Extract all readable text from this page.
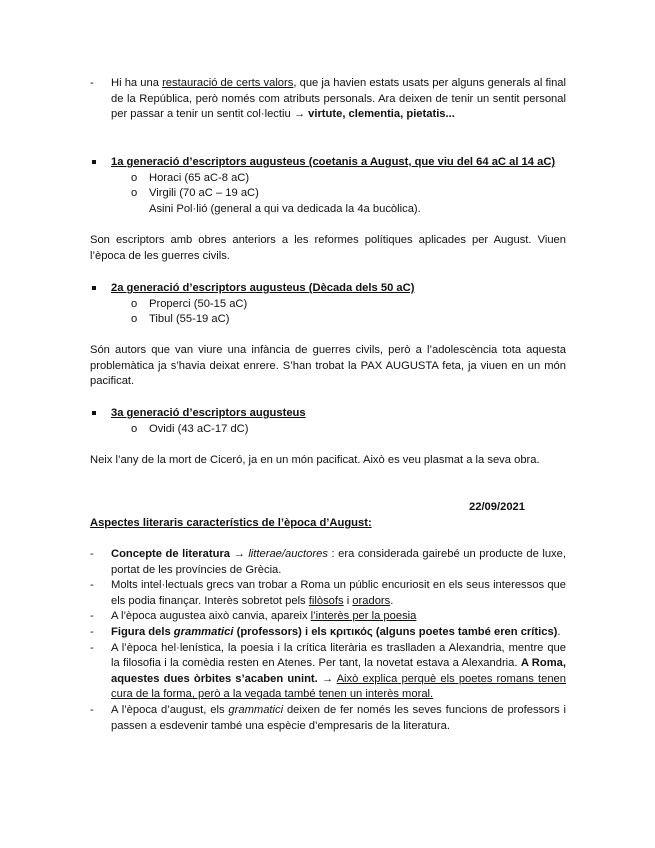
- Hi ha una restauració de certs valors, que ja havien estats usats per alguns generals al final de la República, però només com atributs personals. Ara deixen de tenir un sentit personal per passar a tenir un sentit col·lectiu → virtute, clementia, pietatis...
1a generació d’escriptors augusteus (coetanis a August, que viu del 64 aC al 14 aC)
o Horaci (65 aC-8 aC)
o Virgili (70 aC – 19 aC)
Asini Pol·lió (general a qui va dedicada la 4a bucòlica).
Son escriptors amb obres anteriors a les reformes polítiques aplicades per August. Viuen l’època de les guerres civils.
2a generació d’escriptors augusteus (Dècada dels 50 aC)
o Properci (50-15 aC)
o Tibul (55-19 aC)
Són autors que van viure una infància de guerres civils, però a l’adolescència tota aquesta problemàtica ja s’havia deixat enrere. S’han trobat la PAX AUGUSTA feta, ja viuen en un món pacificat.
3a generació d’escriptors augusteus
o Ovidi (43 aC-17 dC)
Neix l’any de la mort de Ciceró, ja en un món pacificat. Això es veu plasmat a la seva obra.
22/09/2021
Aspectes literaris característics de l’època d’August:
- Concepte de literatura → litterae/auctores : era considerada gairebé un producte de luxe, portat de les províncies de Grècia.
- Molts intel·lectuals grecs van trobar a Roma un públic encuriosit en els seus interessos que els podia finançar. Interès sobretot pels filòsofs i oradors.
- A l’època augustea això canvia, apareix l’interès per la poesia
- Figura dels grammatici (professors) i els κριτικός (alguns poetes també eren crítics).
- A l’època hel·lenística, la poesia i la crítica literària es traslladen a Alexandria, mentre que la filosofia i la comèdia resten en Atenes. Per tant, la novetat estava a Alexandria. A Roma, aquestes dues òrbites s’acaben unint. → Això explica perquè els poetes romans tenen cura de la forma, però a la vegada també tenen un interès moral.
- A l’època d’august, els grammatici deixen de fer només les seves funcions de professors i passen a esdevenir també una espècie d’empresaris de la literatura.
